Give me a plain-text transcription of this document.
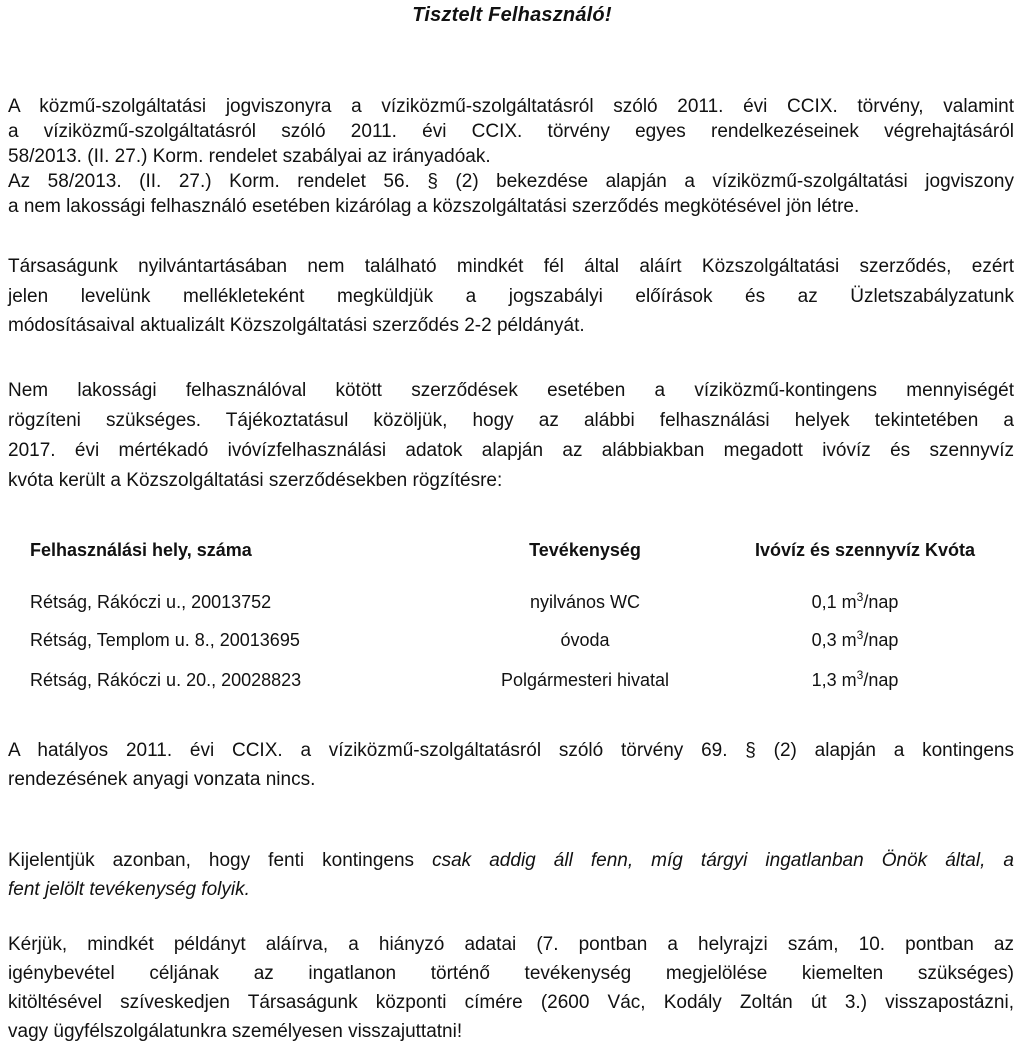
Tisztelt Felhasználó!

A közmű-szolgáltatási jogviszonyra a víziközmű-szolgáltatásról szóló 2011. évi CCIX. törvény, valamint
a víziközmű-szolgáltatásról szóló 2011. évi CCIX. törvény egyes rendelkezéseinek végrehajtásáról
58/2013. (II. 27.) Korm. rendelet szabályai az irányadóak.
Az 58/2013. (II. 27.) Korm. rendelet 56. § (2) bekezdése alapján a víziközmű-szolgáltatási jogviszony
a nem lakossági felhasználó esetében kizárólag a közszolgáltatási szerződés megkötésével jön létre.

Társaságunk nyilvántartásában nem található mindkét fél által aláírt Közszolgáltatási szerződés, ezért
jelen levelünk mellékleteként megküldjük a jogszabályi előírások és az Üzletszabályzatunk
módosításaival aktualizált Közszolgáltatási szerződés 2-2 példányát.

Nem lakossági felhasználóval kötött szerződések esetében a víziközmű-kontingens mennyiségét
rögzíteni szükséges. Tájékoztatásul közöljük, hogy az alábbi felhasználási helyek tekintetében a
2017. évi mértékadó ivóvízfelhasználási adatok alapján az alábbiakban megadott ivóvíz és szennyvíz
kvóta került a Közszolgáltatási szerződésekben rögzítésre:

Felhasználási hely, száma	Tevékenység	Ivóvíz és szennyvíz Kvóta
Rétság, Rákóczi u., 20013752	nyilvános WC	0,1 $m^3$/nap
Rétság, Templom u. 8., 20013695	óvoda	0,3 $m^3$/nap
Rétság, Rákóczi u. 20., 20028823	Polgármesteri hivatal	1,3 $m^3$/nap

A hatályos 2011. évi CCIX. a víziközmű-szolgáltatásról szóló törvény 69. § (2) alapján a kontingens
rendezésének anyagi vonzata nincs.

Kijelentjük azonban, hogy fenti kontingens csak addig áll fenn, míg tárgyi ingatlanban Önök által, a
fent jelölt tevékenység folyik.

Kérjük, mindkét példányt aláírva, a hiányzó adatai (7. pontban a helyrajzi szám, 10. pontban az
igénybevétel céljának az ingatlanon történő tevékenység megjelölése kiemelten szükséges)
kitöltésével szíveskedjen Társaságunk központi címére (2600 Vác, Kodály Zoltán út 3.) visszapostázni,
vagy ügyfélszolgálatunkra személyesen visszajuttatni!
